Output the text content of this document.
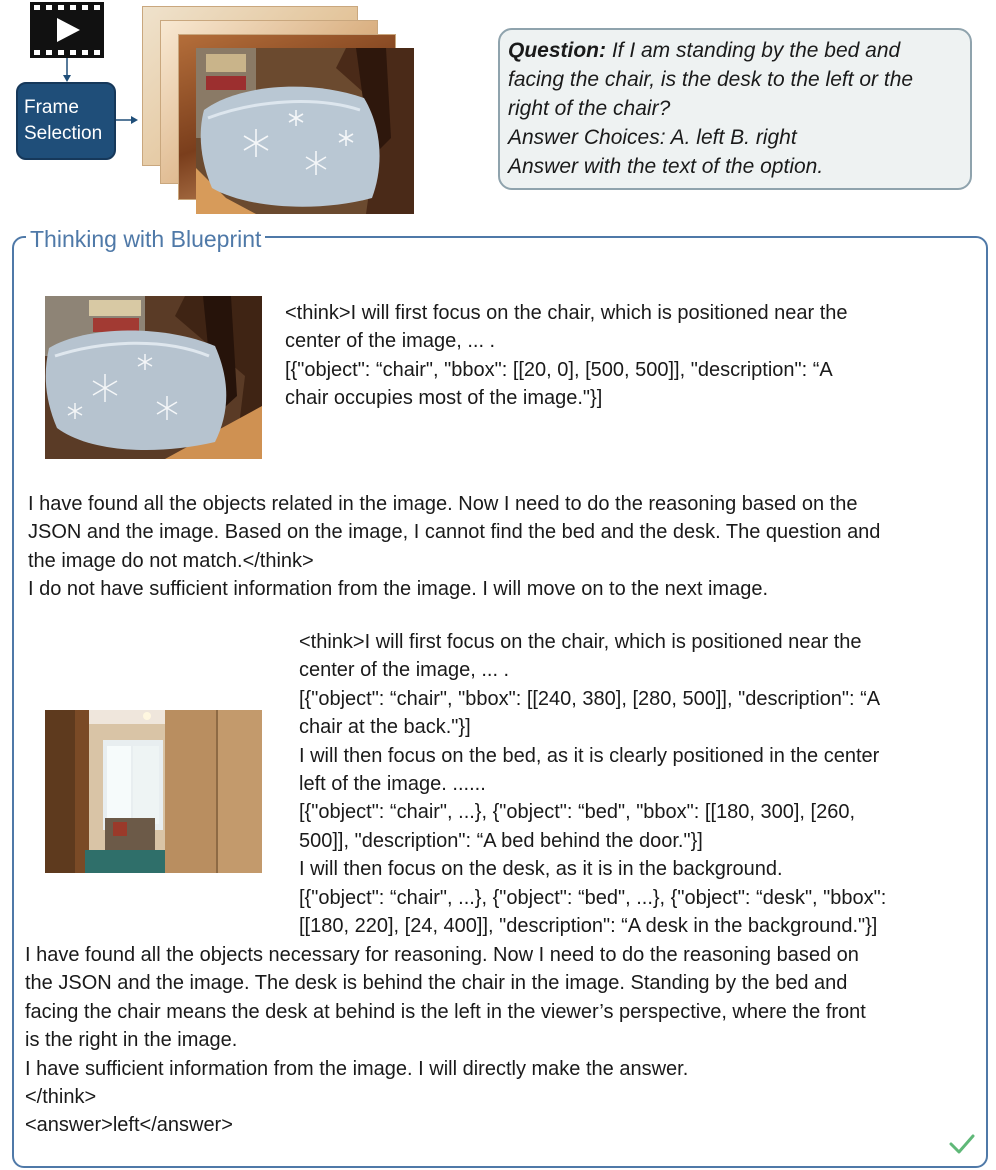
Frame
Selection
Question: If I am standing by the bed and
facing the chair, is the desk to the left or the
right of the chair?
Answer Choices: A. left B. right
Answer with the text of the option.
Thinking with Blueprint
<think>I will first focus on the chair, which is positioned near the
center of the image, ... .
[{"object": “chair", "bbox": [[20, 0], [500, 500]], "description": “A
chair occupies most of the image."}]
I have found all the objects related in the image. Now I need to do the reasoning based on the
JSON and the image. Based on the image, I cannot find the bed and the desk. The question and
the image do not match.</think>
I do not have sufficient information from the image. I will move on to the next image.
<think>I will first focus on the chair, which is positioned near the
center of the image, ... .
[{"object": “chair", "bbox": [[240, 380], [280, 500]], "description": “A
chair at the back."}]
I will then focus on the bed, as it is clearly positioned in the center
left of the image. ......
[{"object": “chair", ...}, {"object": “bed", "bbox": [[180, 300], [260,
500]], "description": “A bed behind the door."}]
I will then focus on the desk, as it is in the background.
[{"object": “chair", ...}, {"object": “bed", ...}, {"object": “desk", "bbox":
[[180, 220], [24, 400]], "description": “A desk in the background."}]
I have found all the objects necessary for reasoning. Now I need to do the reasoning based on
the JSON and the image. The desk is behind the chair in the image. Standing by the bed and
facing the chair means the desk at behind is the left in the viewer’s perspective, where the front
is the right in the image.
I have sufficient information from the image. I will directly make the answer.
</think>
<answer>left</answer>
